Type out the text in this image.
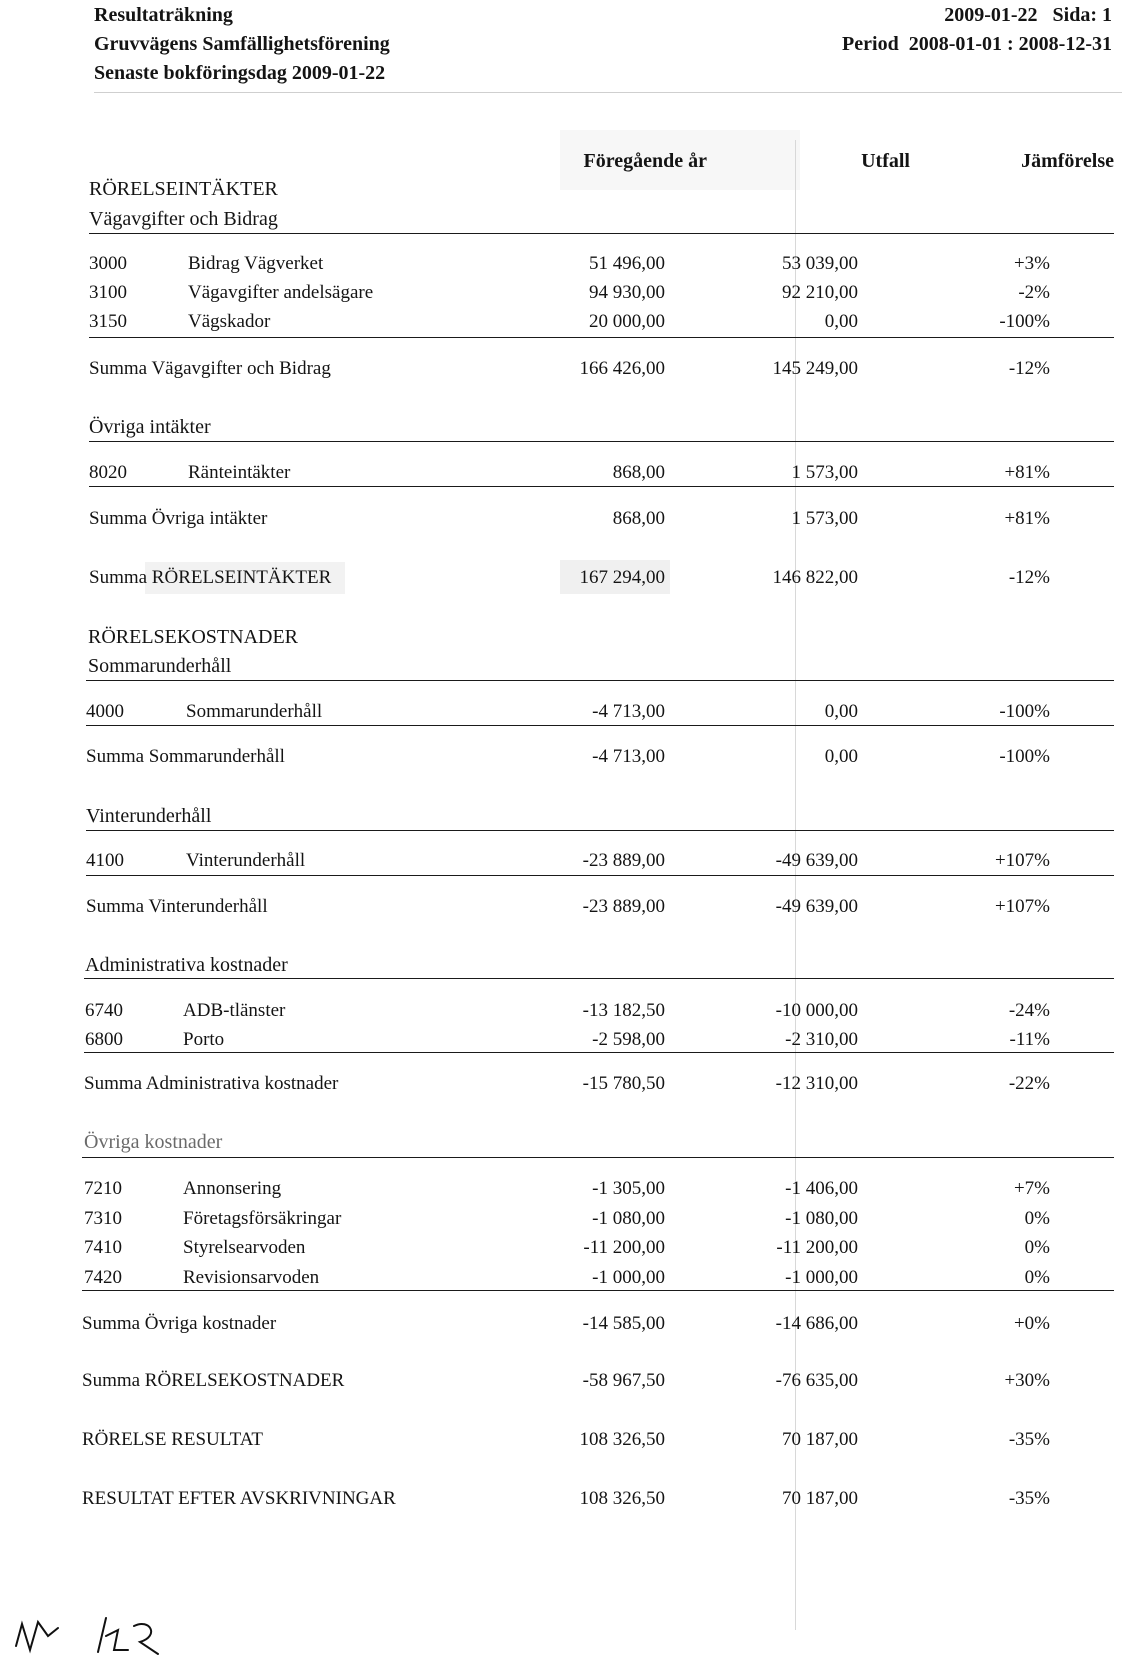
Resultaträkning
Gruvvägens Samfällighetsförening
Senaste bokföringsdag 2009-01-22
2009-01-22   Sida: 1
Period  2008-01-01 : 2008-12-31
Föregående år	Utfall	Jämförelse
RÖRELSEINTÄKTER
Vägavgifter och Bidrag
3000	Bidrag Vägverket	51 496,00	53 039,00	+3%
3100	Vägavgifter andelsägare	94 930,00	92 210,00	-2%
3150	Vägskador	20 000,00	0,00	-100%
Summa Vägavgifter och Bidrag	166 426,00	145 249,00	-12%
Övriga intäkter
8020	Ränteintäkter	868,00	1 573,00	+81%
Summa Övriga intäkter	868,00	1 573,00	+81%
Summa RÖRELSEINTÄKTER	167 294,00	146 822,00	-12%
RÖRELSEKOSTNADER
Sommarunderhåll
4000	Sommarunderhåll	-4 713,00	0,00	-100%
Summa Sommarunderhåll	-4 713,00	0,00	-100%
Vinterunderhåll
4100	Vinterunderhåll	-23 889,00	-49 639,00	+107%
Summa Vinterunderhåll	-23 889,00	-49 639,00	+107%
Administrativa kostnader
6740	ADB-tlänster	-13 182,50	-10 000,00	-24%
6800	Porto	-2 598,00	-2 310,00	-11%
Summa Administrativa kostnader	-15 780,50	-12 310,00	-22%
Övriga kostnader
7210	Annonsering	-1 305,00	-1 406,00	+7%
7310	Företagsförsäkringar	-1 080,00	-1 080,00	0%
7410	Styrelsearvoden	-11 200,00	-11 200,00	0%
7420	Revisionsarvoden	-1 000,00	-1 000,00	0%
Summa Övriga kostnader	-14 585,00	-14 686,00	+0%
Summa RÖRELSEKOSTNADER	-58 967,50	-76 635,00	+30%
RÖRELSE RESULTAT	108 326,50	70 187,00	-35%
RESULTAT EFTER AVSKRIVNINGAR	108 326,50	70 187,00	-35%
